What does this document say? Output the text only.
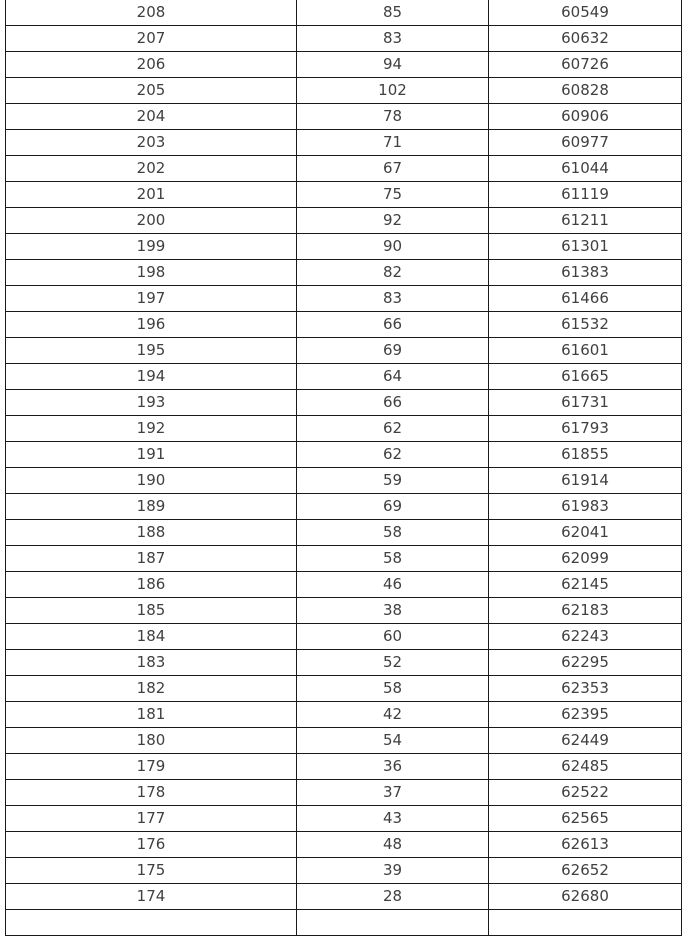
208	85	60549
207	83	60632
206	94	60726
205	102	60828
204	78	60906
203	71	60977
202	67	61044
201	75	61119
200	92	61211
199	90	61301
198	82	61383
197	83	61466
196	66	61532
195	69	61601
194	64	61665
193	66	61731
192	62	61793
191	62	61855
190	59	61914
189	69	61983
188	58	62041
187	58	62099
186	46	62145
185	38	62183
184	60	62243
183	52	62295
182	58	62353
181	42	62395
180	54	62449
179	36	62485
178	37	62522
177	43	62565
176	48	62613
175	39	62652
174	28	62680
